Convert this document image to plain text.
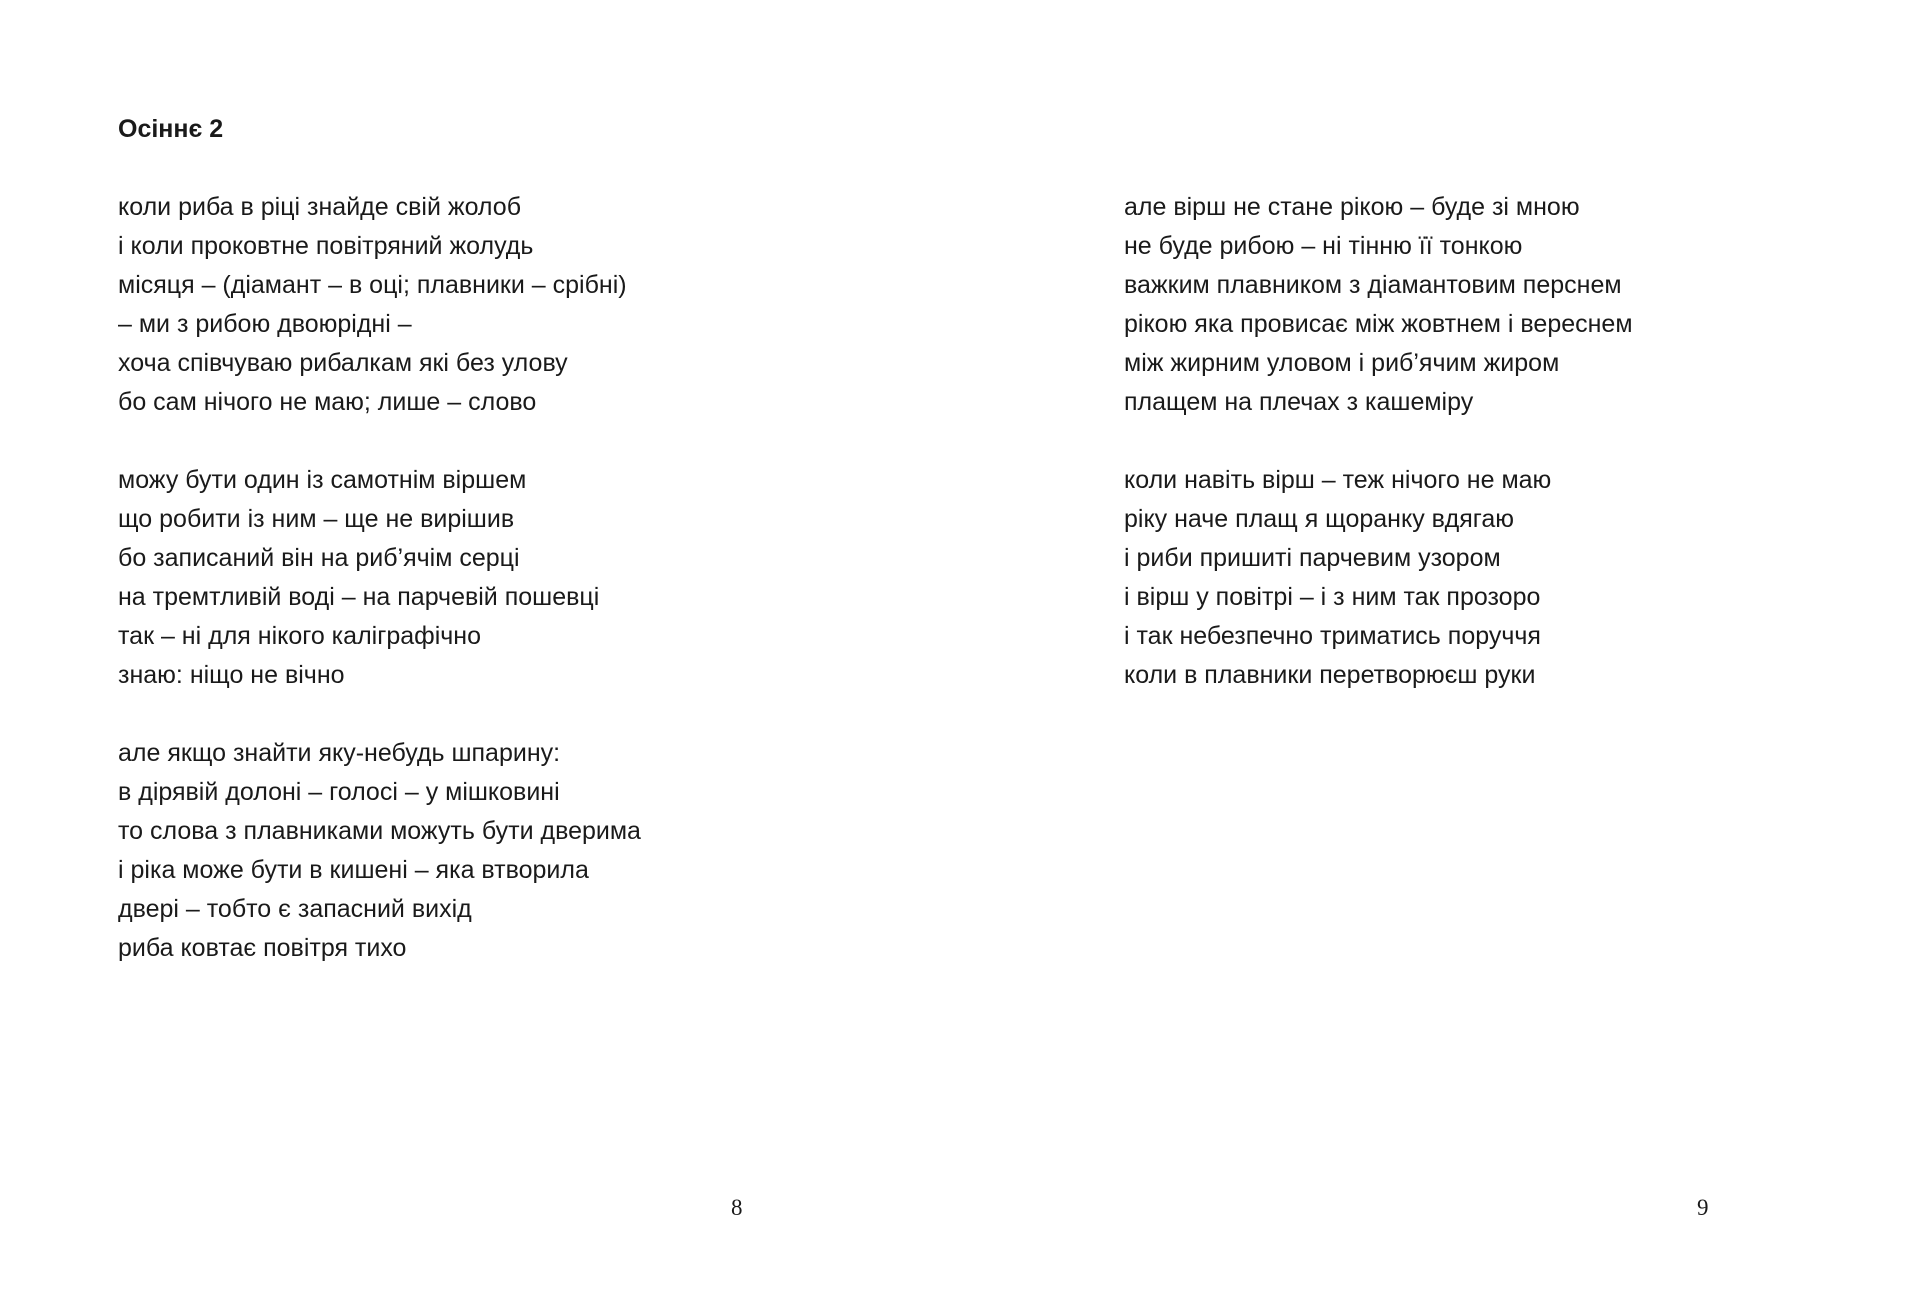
Осіннє 2
коли риба в ріці знайде свій жолоб
і коли проковтне повітряний жолудь
місяця – (діамант – в оці; плавники – срібні)
– ми з рибою двоюрідні –
хоча співчуваю рибалкам які без улову
бо сам нічого не маю; лише – слово
можу бути один із самотнім віршем
що робити із ним – ще не вирішив
бо записаний він на риб’ячім серці
на тремтливій воді – на парчевій пошевці
так – ні для нікого каліграфічно
знаю: ніщо не вічно
але якщо знайти яку-небудь шпарину:
в дірявій долоні – голосі – у мішковині
то слова з плавниками можуть бути дверима
і ріка може бути в кишені – яка втворила
двері – тобто є запасний вихід
риба ковтає повітря тихо
8
але вірш не стане рікою – буде зі мною
не буде рибою – ні тінню її тонкою
важким плавником з діамантовим перснем
рікою яка провисає між жовтнем і вереснем
між жирним уловом і риб’ячим жиром
плащем на плечах з кашеміру
коли навіть вірш – теж нічого не маю
ріку наче плащ я щоранку вдягаю
і риби пришиті парчевим узором
і вірш у повітрі – і з ним так прозоро
і так небезпечно триматись поруччя
коли в плавники перетворюєш руки
9
